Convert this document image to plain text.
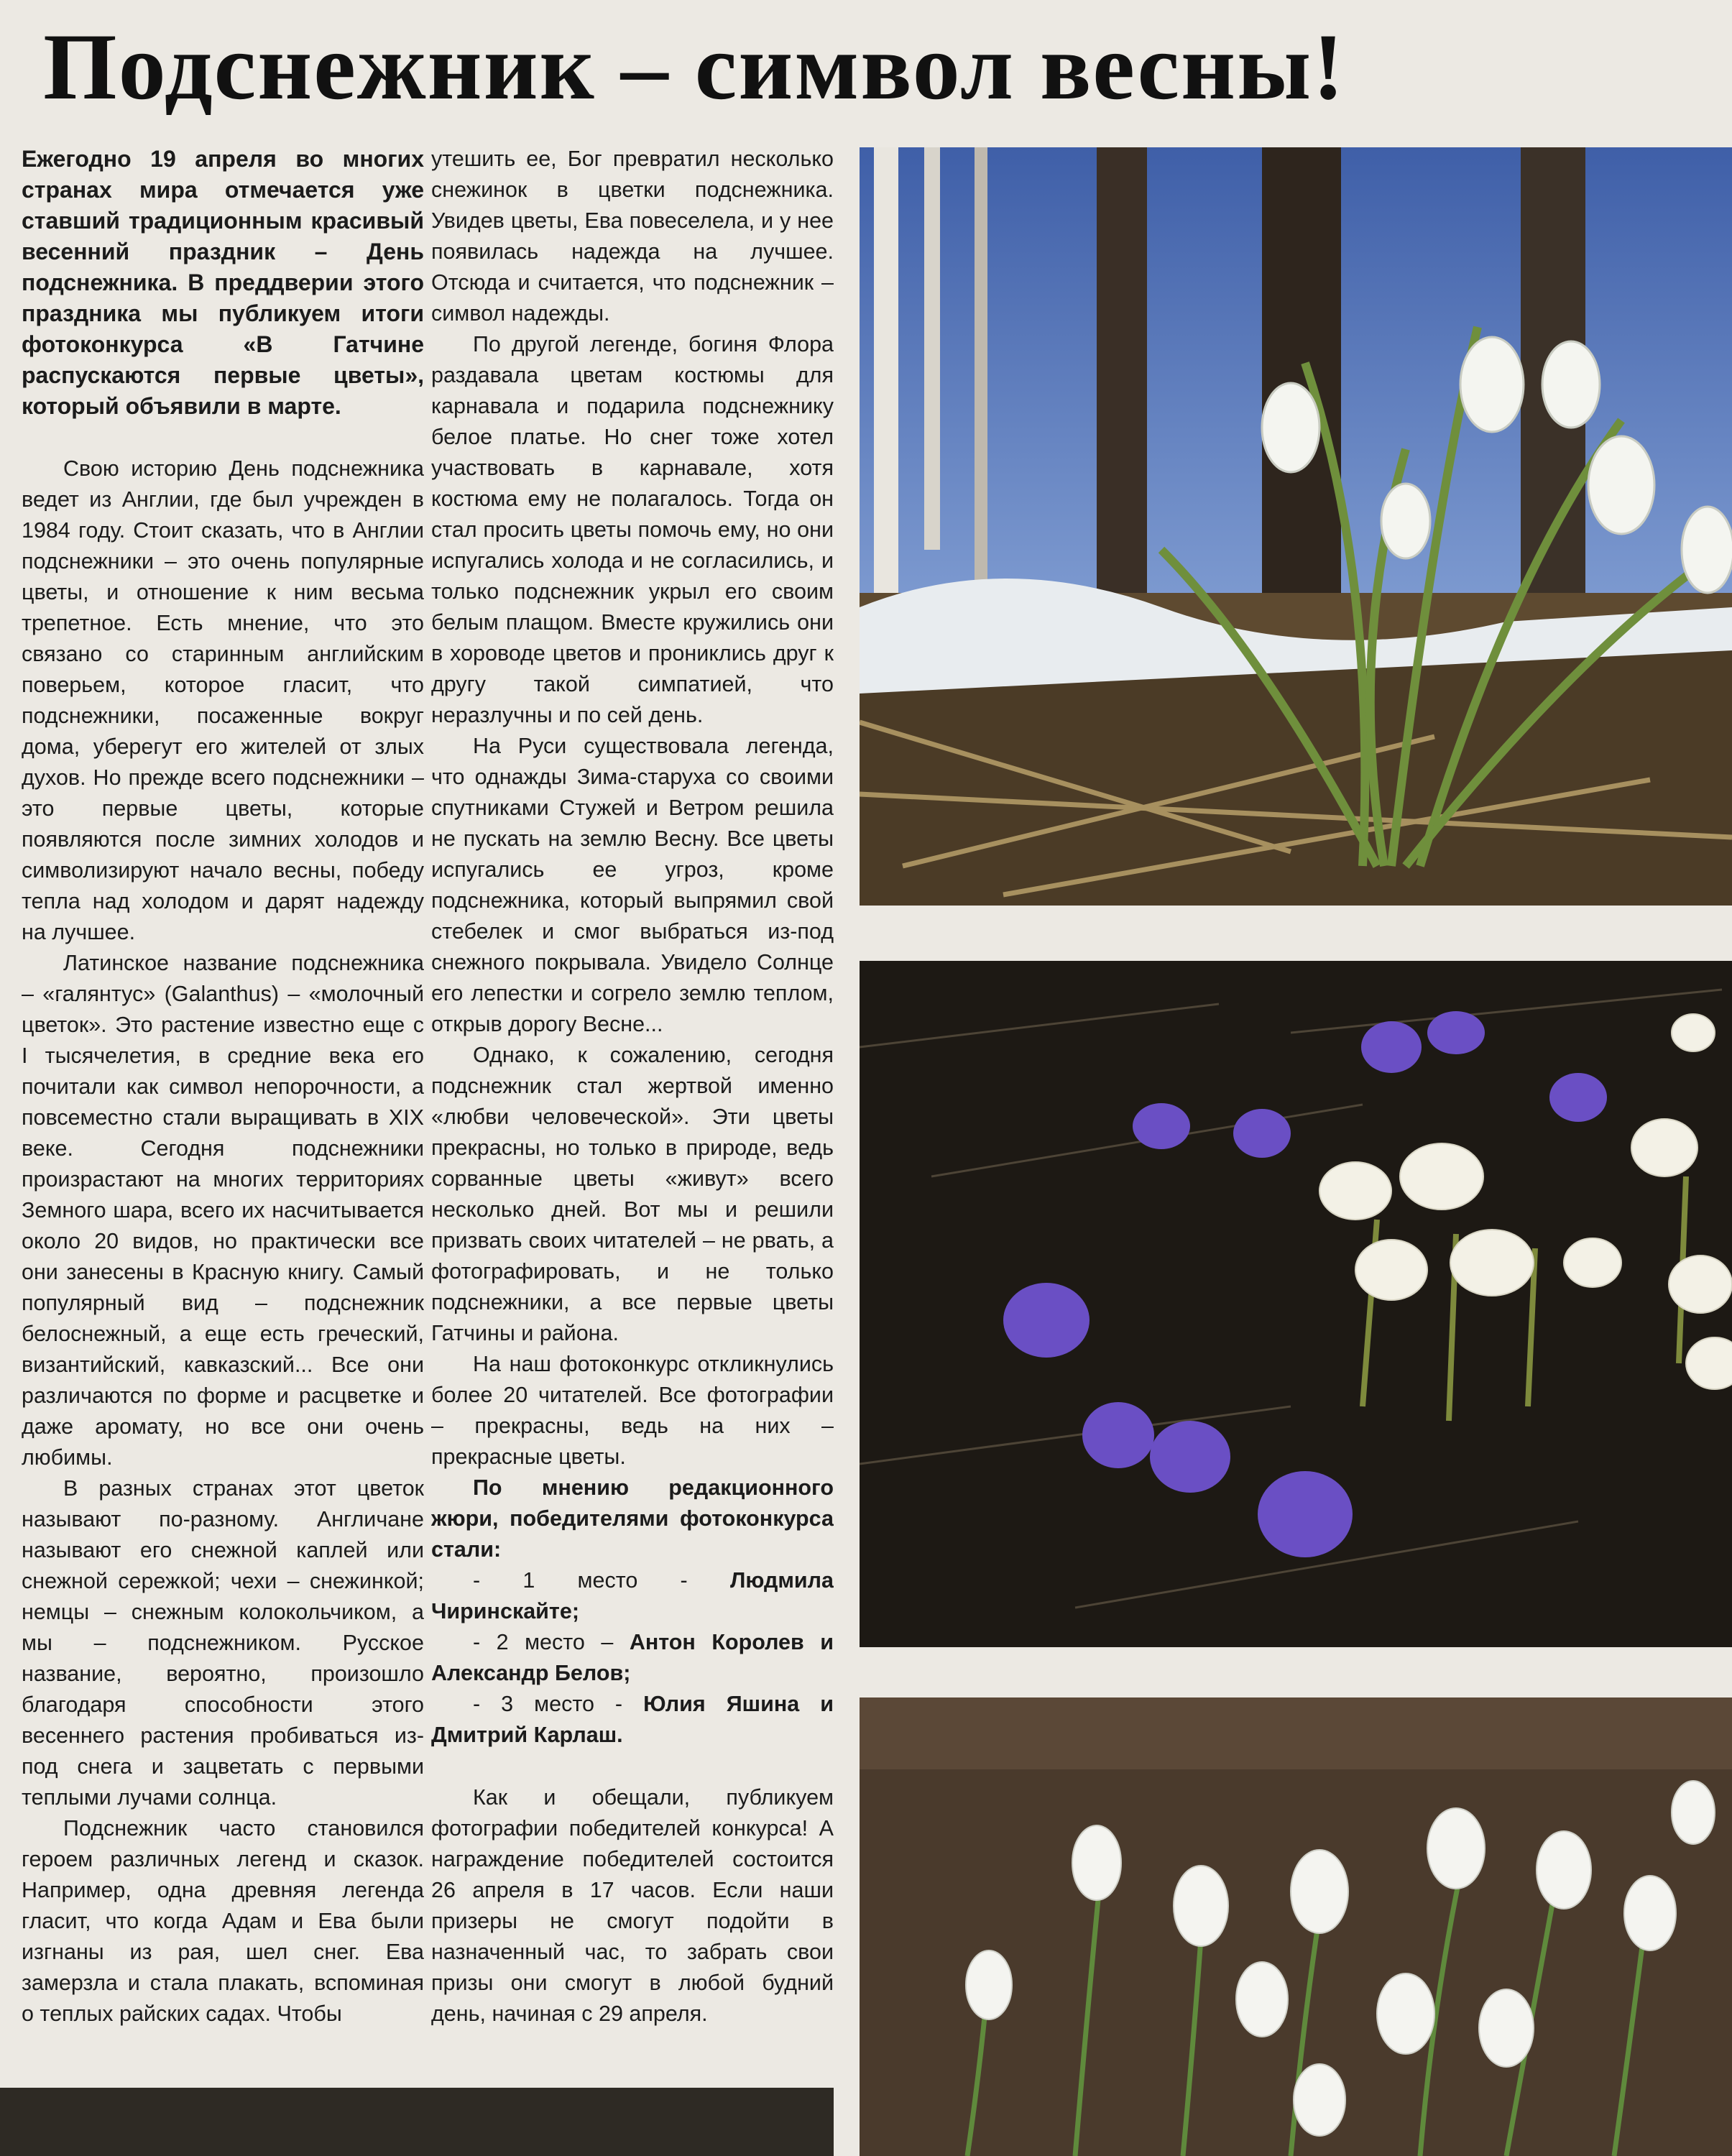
Подснежник – символ весны!

Ежегодно 19 апреля во многих странах мира отмечается уже ставший традиционным красивый весенний праздник – День подснежника. В преддверии этого праздника мы публикуем итоги фотоконкурса «В Гатчине распускаются первые цветы», который объявили в марте.

Свою историю День подснежника ведет из Англии, где был учрежден в 1984 году. Стоит сказать, что в Англии подснежники – это очень популярные цветы, и отношение к ним весьма трепетное. Есть мнение, что это связано со старинным английским поверьем, которое гласит, что подснежники, посаженные вокруг дома, уберегут его жителей от злых духов. Но прежде всего подснежники – это первые цветы, которые появляются после зимних холодов и символизируют начало весны, победу тепла над холодом и дарят надежду на лучшее.

Латинское название подснежника – «галянтус» (Galanthus) – «молочный цветок». Это растение известно еще с I тысячелетия, в средние века его почитали как символ непорочности, а повсеместно стали выращивать в XIX веке. Сегодня подснежники произрастают на многих территориях Земного шара, всего их насчитывается около 20 видов, но практически все они занесены в Красную книгу. Самый популярный вид – подснежник белоснежный, а еще есть греческий, византийский, кавказский... Все они различаются по форме и расцветке и даже аромату, но все они очень любимы.

В разных странах этот цветок называют по-разному. Англичане называют его снежной каплей или снежной сережкой; чехи – снежинкой; немцы – снежным колокольчиком, а мы – подснежником. Русское название, вероятно, произошло благодаря способности этого весеннего растения пробиваться из-под снега и зацветать с первыми теплыми лучами солнца.

Подснежник часто становился героем различных легенд и сказок. Например, одна древняя легенда гласит, что когда Адам и Ева были изгнаны из рая, шел снег. Ева замерзла и стала плакать, вспоминая о теплых райских садах. Чтобы

утешить ее, Бог превратил несколько снежинок в цветки подснежника. Увидев цветы, Ева повеселела, и у нее появилась надежда на лучшее. Отсюда и считается, что подснежник – символ надежды.

По другой легенде, богиня Флора раздавала цветам костюмы для карнавала и подарила подснежнику белое платье. Но снег тоже хотел участвовать в карнавале, хотя костюма ему не полагалось. Тогда он стал просить цветы помочь ему, но они испугались холода и не согласились, и только подснежник укрыл его своим белым плащом. Вместе кружились они в хороводе цветов и прониклись друг к другу такой симпатией, что неразлучны и по сей день.

На Руси существовала легенда, что однажды Зима-старуха со своими спутниками Стужей и Ветром решила не пускать на землю Весну. Все цветы испугались ее угроз, кроме подснежника, который выпрямил свой стебелек и смог выбраться из-под снежного покрывала. Увидело Солнце его лепестки и согрело землю теплом, открыв дорогу Весне...

Однако, к сожалению, сегодня подснежник стал жертвой именно «любви человеческой». Эти цветы прекрасны, но только в природе, ведь сорванные цветы «живут» всего несколько дней. Вот мы и решили призвать своих читателей – не рвать, а фотографировать, и не только подснежники, а все первые цветы Гатчины и района.

На наш фотоконкурс откликнулись более 20 читателей. Все фотографии – прекрасны, ведь на них – прекрасные цветы.

По мнению редакционного жюри, победителями фотоконкурса стали:

- 1 место - Людмила Чиринскайте;

- 2 место – Антон Королев и Александр Белов;

- 3 место - Юлия Яшина и Дмитрий Карлаш.

Как и обещали, публикуем фотографии победителей конкурса! А награждение победителей состоится 26 апреля в 17 часов. Если наши призеры не смогут подойти в назначенный час, то забрать свои призы они смогут в любой будний день, начиная с 29 апреля.
